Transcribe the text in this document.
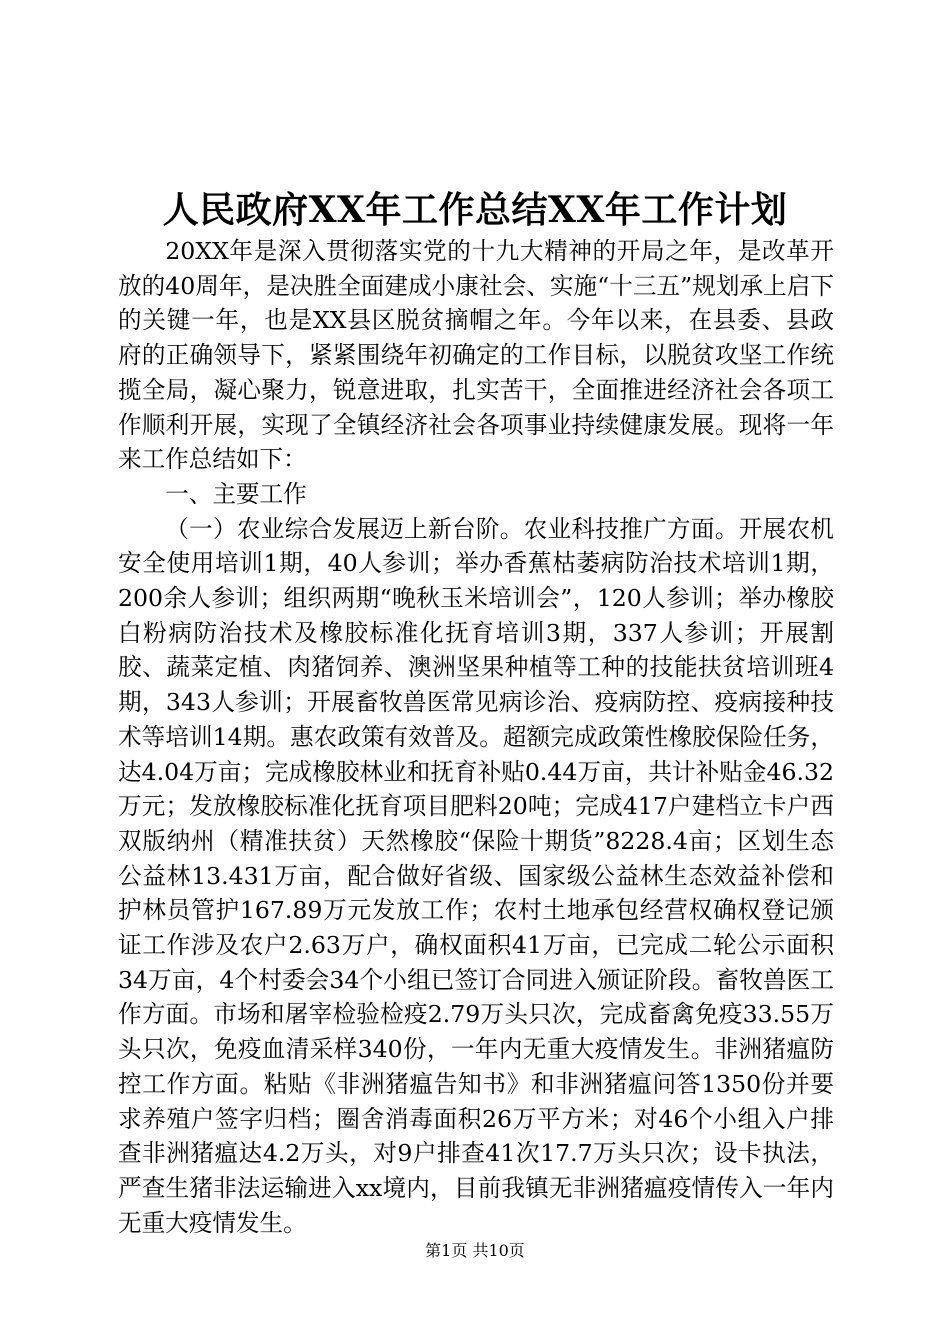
人民政府XX年工作总结XX年工作计划

20XX年是深入贯彻落实党的十九大精神的开局之年，是改革开放的40周年，是决胜全面建成小康社会、实施“十三五”规划承上启下的关键一年，也是XX县区脱贫摘帽之年。今年以来，在县委、县政府的正确领导下，紧紧围绕年初确定的工作目标，以脱贫攻坚工作统揽全局，凝心聚力，锐意进取，扎实苦干，全面推进经济社会各项工作顺利开展，实现了全镇经济社会各项事业持续健康发展。现将一年来工作总结如下：

一、主要工作

（一）农业综合发展迈上新台阶。农业科技推广方面。开展农机安全使用培训1期，40人参训；举办香蕉枯萎病防治技术培训1期，200余人参训；组织两期“晚秋玉米培训会”，120人参训；举办橡胶白粉病防治技术及橡胶标准化抚育培训3期，337人参训；开展割胶、蔬菜定植、肉猪饲养、澳洲坚果种植等工种的技能扶贫培训班4期，343人参训；开展畜牧兽医常见病诊治、疫病防控、疫病接种技术等培训14期。惠农政策有效普及。超额完成政策性橡胶保险任务，达4.04万亩；完成橡胶林业和抚育补贴0.44万亩，共计补贴金46.32万元；发放橡胶标准化抚育项目肥料20吨；完成417户建档立卡户西双版纳州（精准扶贫）天然橡胶“保险十期货”8228.4亩；区划生态公益林13.431万亩，配合做好省级、国家级公益林生态效益补偿和护林员管护167.89万元发放工作；农村土地承包经营权确权登记颁证工作涉及农户2.63万户，确权面积41万亩，已完成二轮公示面积34万亩，4个村委会34个小组已签订合同进入颁证阶段。畜牧兽医工作方面。市场和屠宰检验检疫2.79万头只次，完成畜禽免疫33.55万头只次，免疫血清采样340份，一年内无重大疫情发生。非洲猪瘟防控工作方面。粘贴《非洲猪瘟告知书》和非洲猪瘟问答1350份并要求养殖户签字归档；圈舍消毒面积26万平方米；对46个小组入户排查非洲猪瘟达4.2万头，对9户排查41次17.7万头只次；设卡执法，严查生猪非法运输进入xx境内，目前我镇无非洲猪瘟疫情传入一年内无重大疫情发生。

第1页 共10页
